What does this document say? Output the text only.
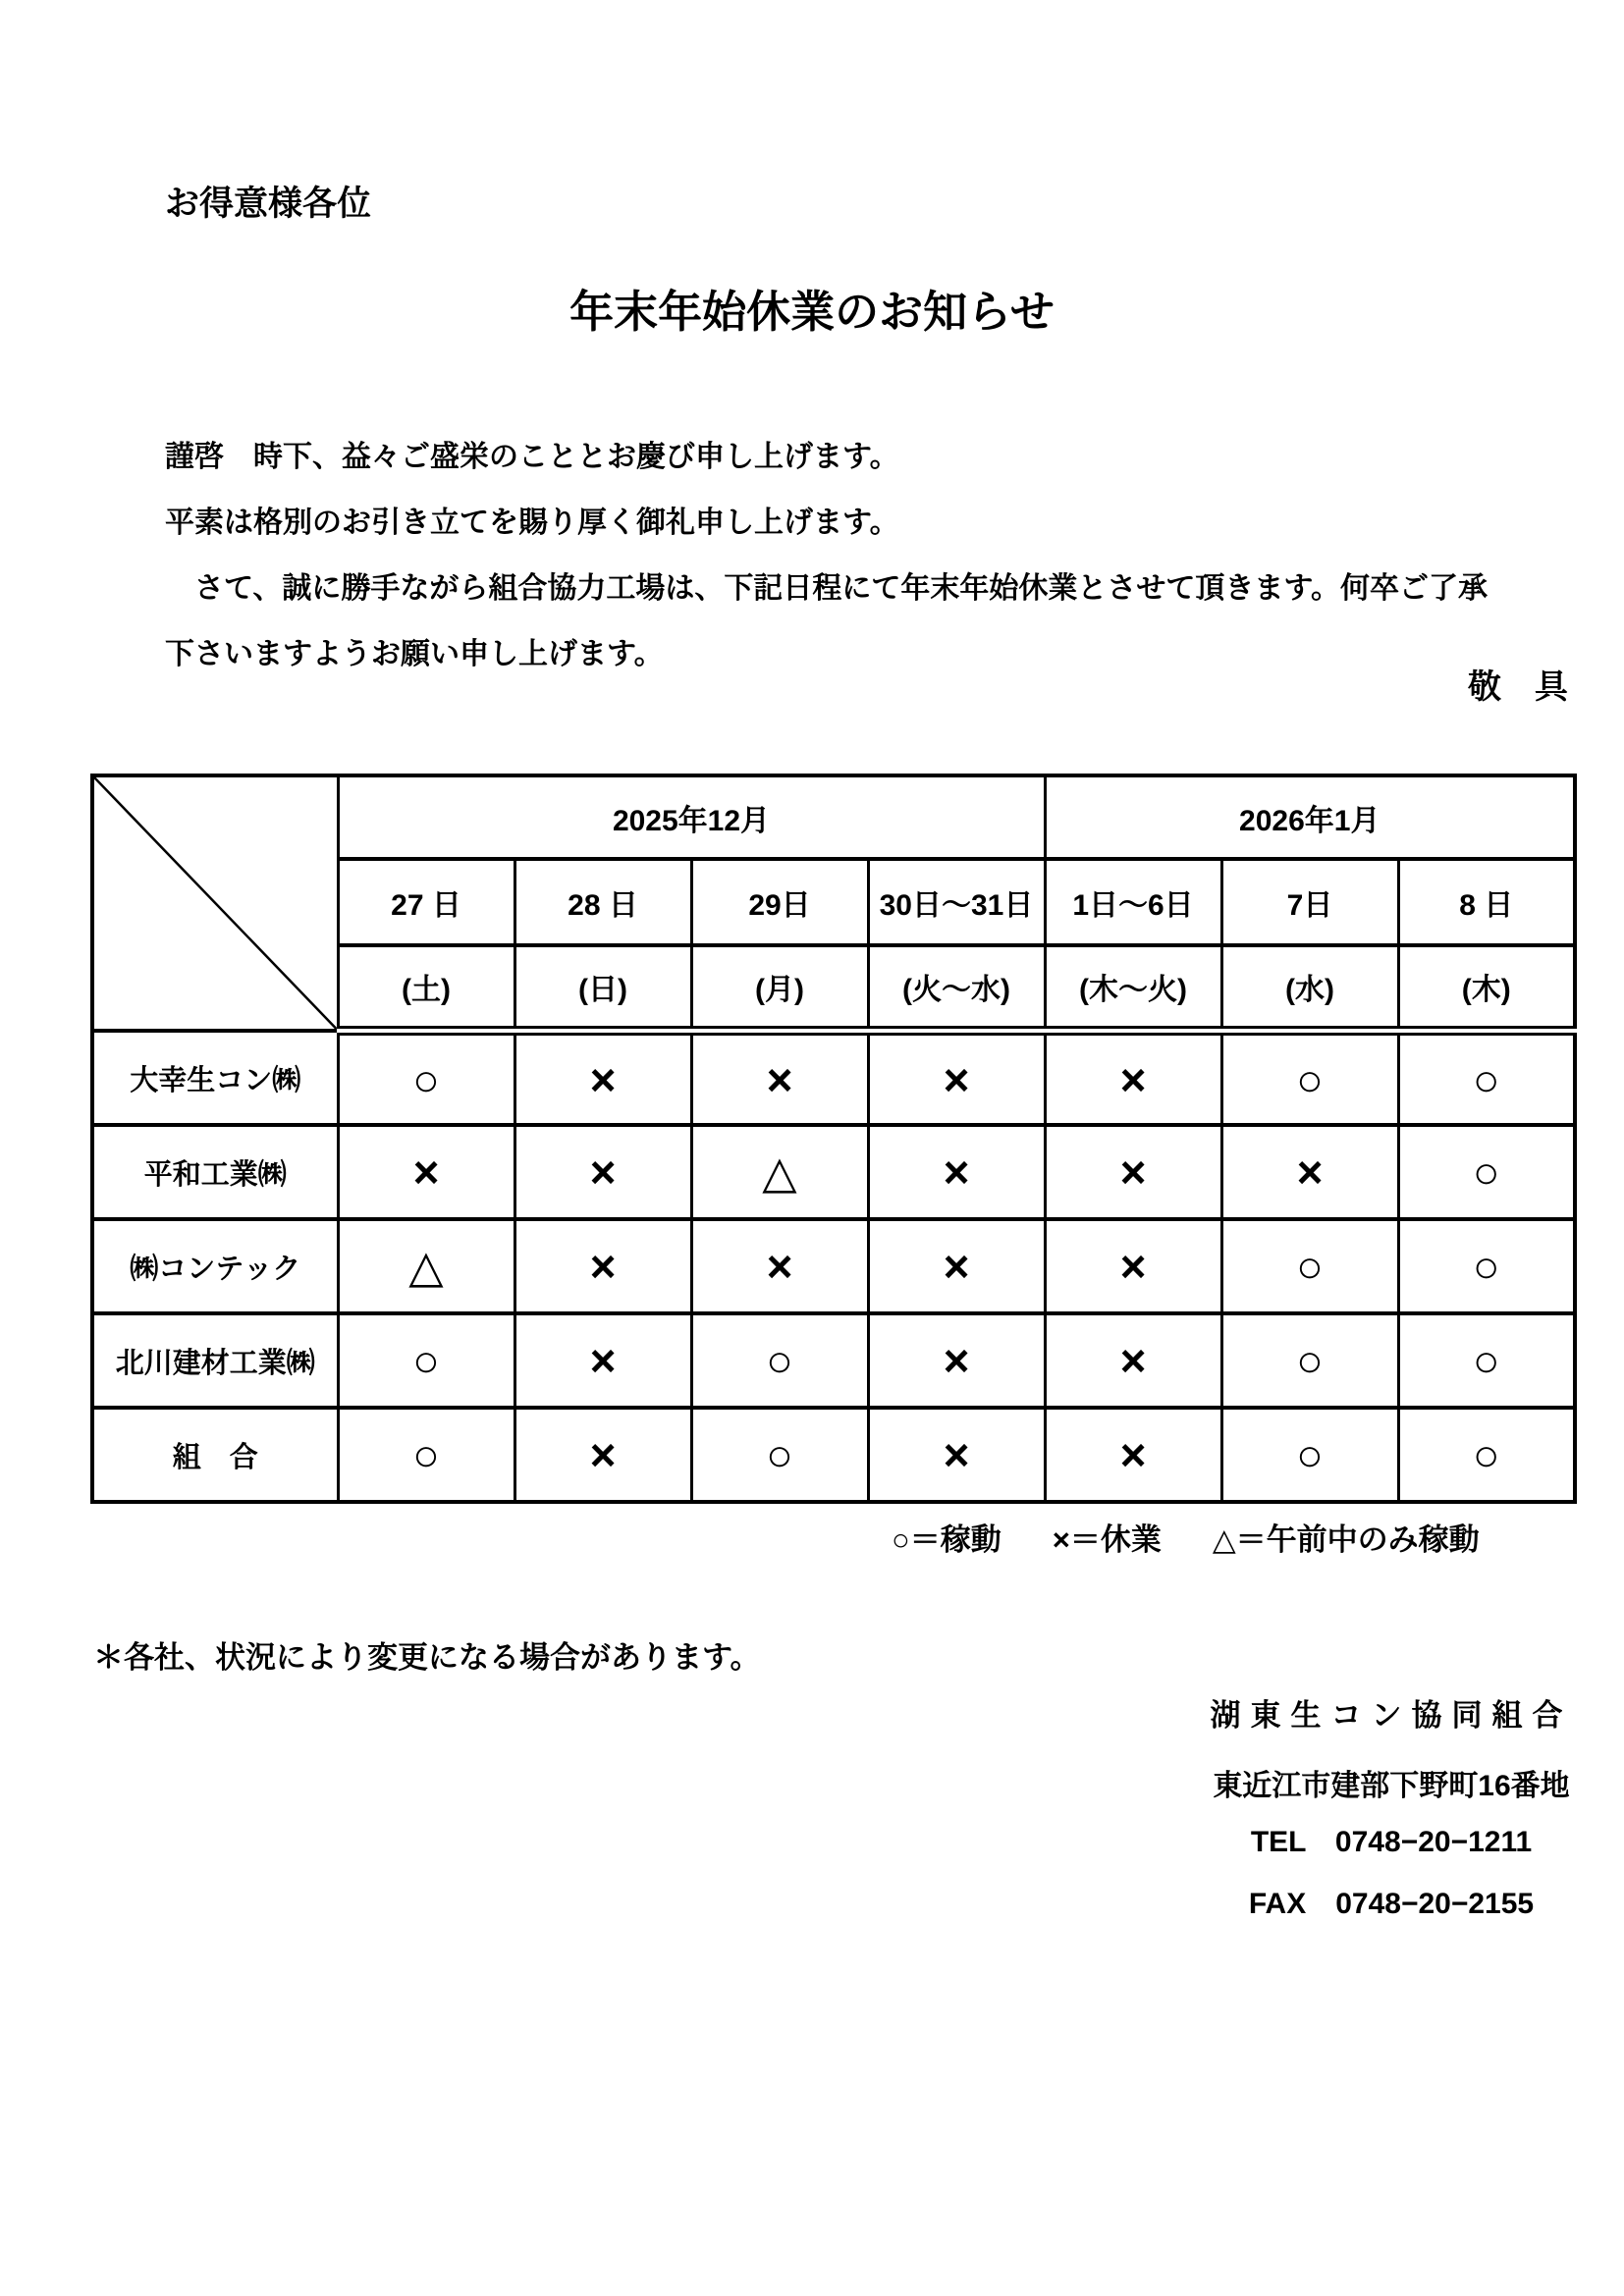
お得意様各位
年末年始休業のお知らせ

謹啓　時下、益々ご盛栄のこととお慶び申し上げます。

平素は格別のお引き立てを賜り厚く御礼申し上げます。

　さて、誠に勝手ながら組合協力工場は、下記日程にて年末年始休業とさせて頂きます。何卒ご了承

下さいますようお願い申し上げます。

敬　具
	2025年12月				2026年1月		
	27 日	28 日	29日	30日～31日	1日～6日	7日	8 日
	(土)	(日)	(月)	(火～水)	(木～火)	(水)	(木)
大幸生コン㈱	○	×	×	×	×	○	○
平和工業㈱	×	×	△	×	×	×	○
㈱コンテック	△	×	×	×	×	○	○
北川建材工業㈱	○	×	○	×	×	○	○
組　合	○	×	○	×	×	○	○
○＝稼動 ×＝休業 △＝午前中のみ稼動
＊各社、状況により変更になる場合があります。

湖東生コン協同組合

東近江市建部下野町16番地

TEL　0748−20−1211

FAX　0748−20−2155
